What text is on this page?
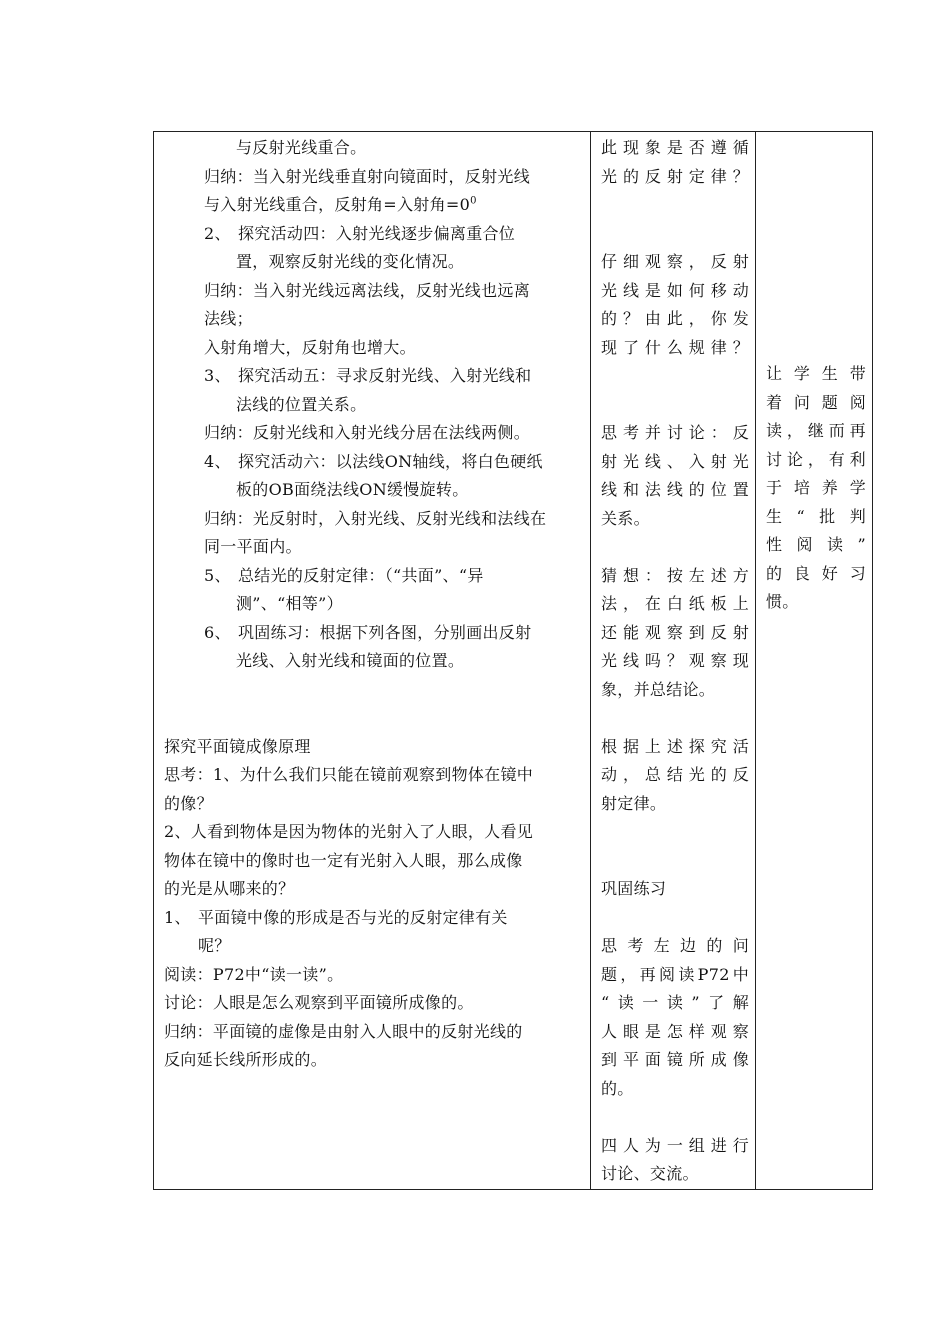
与反射光线重合。
归纳：当入射光线垂直射向镜面时，反射光线
与入射光线重合，反射角=入射角$=0^0$
2、 探究活动四：入射光线逐步偏离重合位
置，观察反射光线的变化情况。
归纳：当入射光线远离法线，反射光线也远离
法线；
入射角增大，反射角也增大。
3、 探究活动五：寻求反射光线、入射光线和
法线的位置关系。
归纳：反射光线和入射光线分居在法线两侧。
4、 探究活动六：以法线ON轴线，将白色硬纸
板的OB面绕法线ON缓慢旋转。
归纳：光反射时，入射光线、反射光线和法线在
同一平面内。
5、 总结光的反射定律：（“共面”、“异
测”、“相等”）
6、 巩固练习：根据下列各图，分别画出反射
光线、入射光线和镜面的位置。
探究平面镜成像原理
思考：1、为什么我们只能在镜前观察到物体在镜中
的像？
2、人看到物体是因为物体的光射入了人眼，人看见
物体在镜中的像时也一定有光射入人眼，那么成像
的光是从哪来的？
1、 平面镜中像的形成是否与光的反射定律有关
呢？
阅读：P72中“读一读”。
讨论：人眼是怎么观察到平面镜所成像的。
归纳：平面镜的虚像是由射入人眼中的反射光线的
反向延长线所形成的。

此现象是否遵循
光的反射定律？
仔细观察，反射
光线是如何移动
的？由此，你发
现了什么规律？
思考并讨论：反
射光线、入射光
线和法线的位置
关系。
猜想：按左述方
法，在白纸板上
还能观察到反射
光线吗？观察现
象，并总结论。
根据上述探究活
动，总结光的反
射定律。
巩固练习
思考左边的问
题，再阅读P72中
“读一读”了解
人眼是怎样观察
到平面镜所成像
的。
四人为一组进行
讨论、交流。

让学生带
着问题阅
读，继而再
讨论，有利
于培养学
生“批判
性阅读”
的良好习
惯。
